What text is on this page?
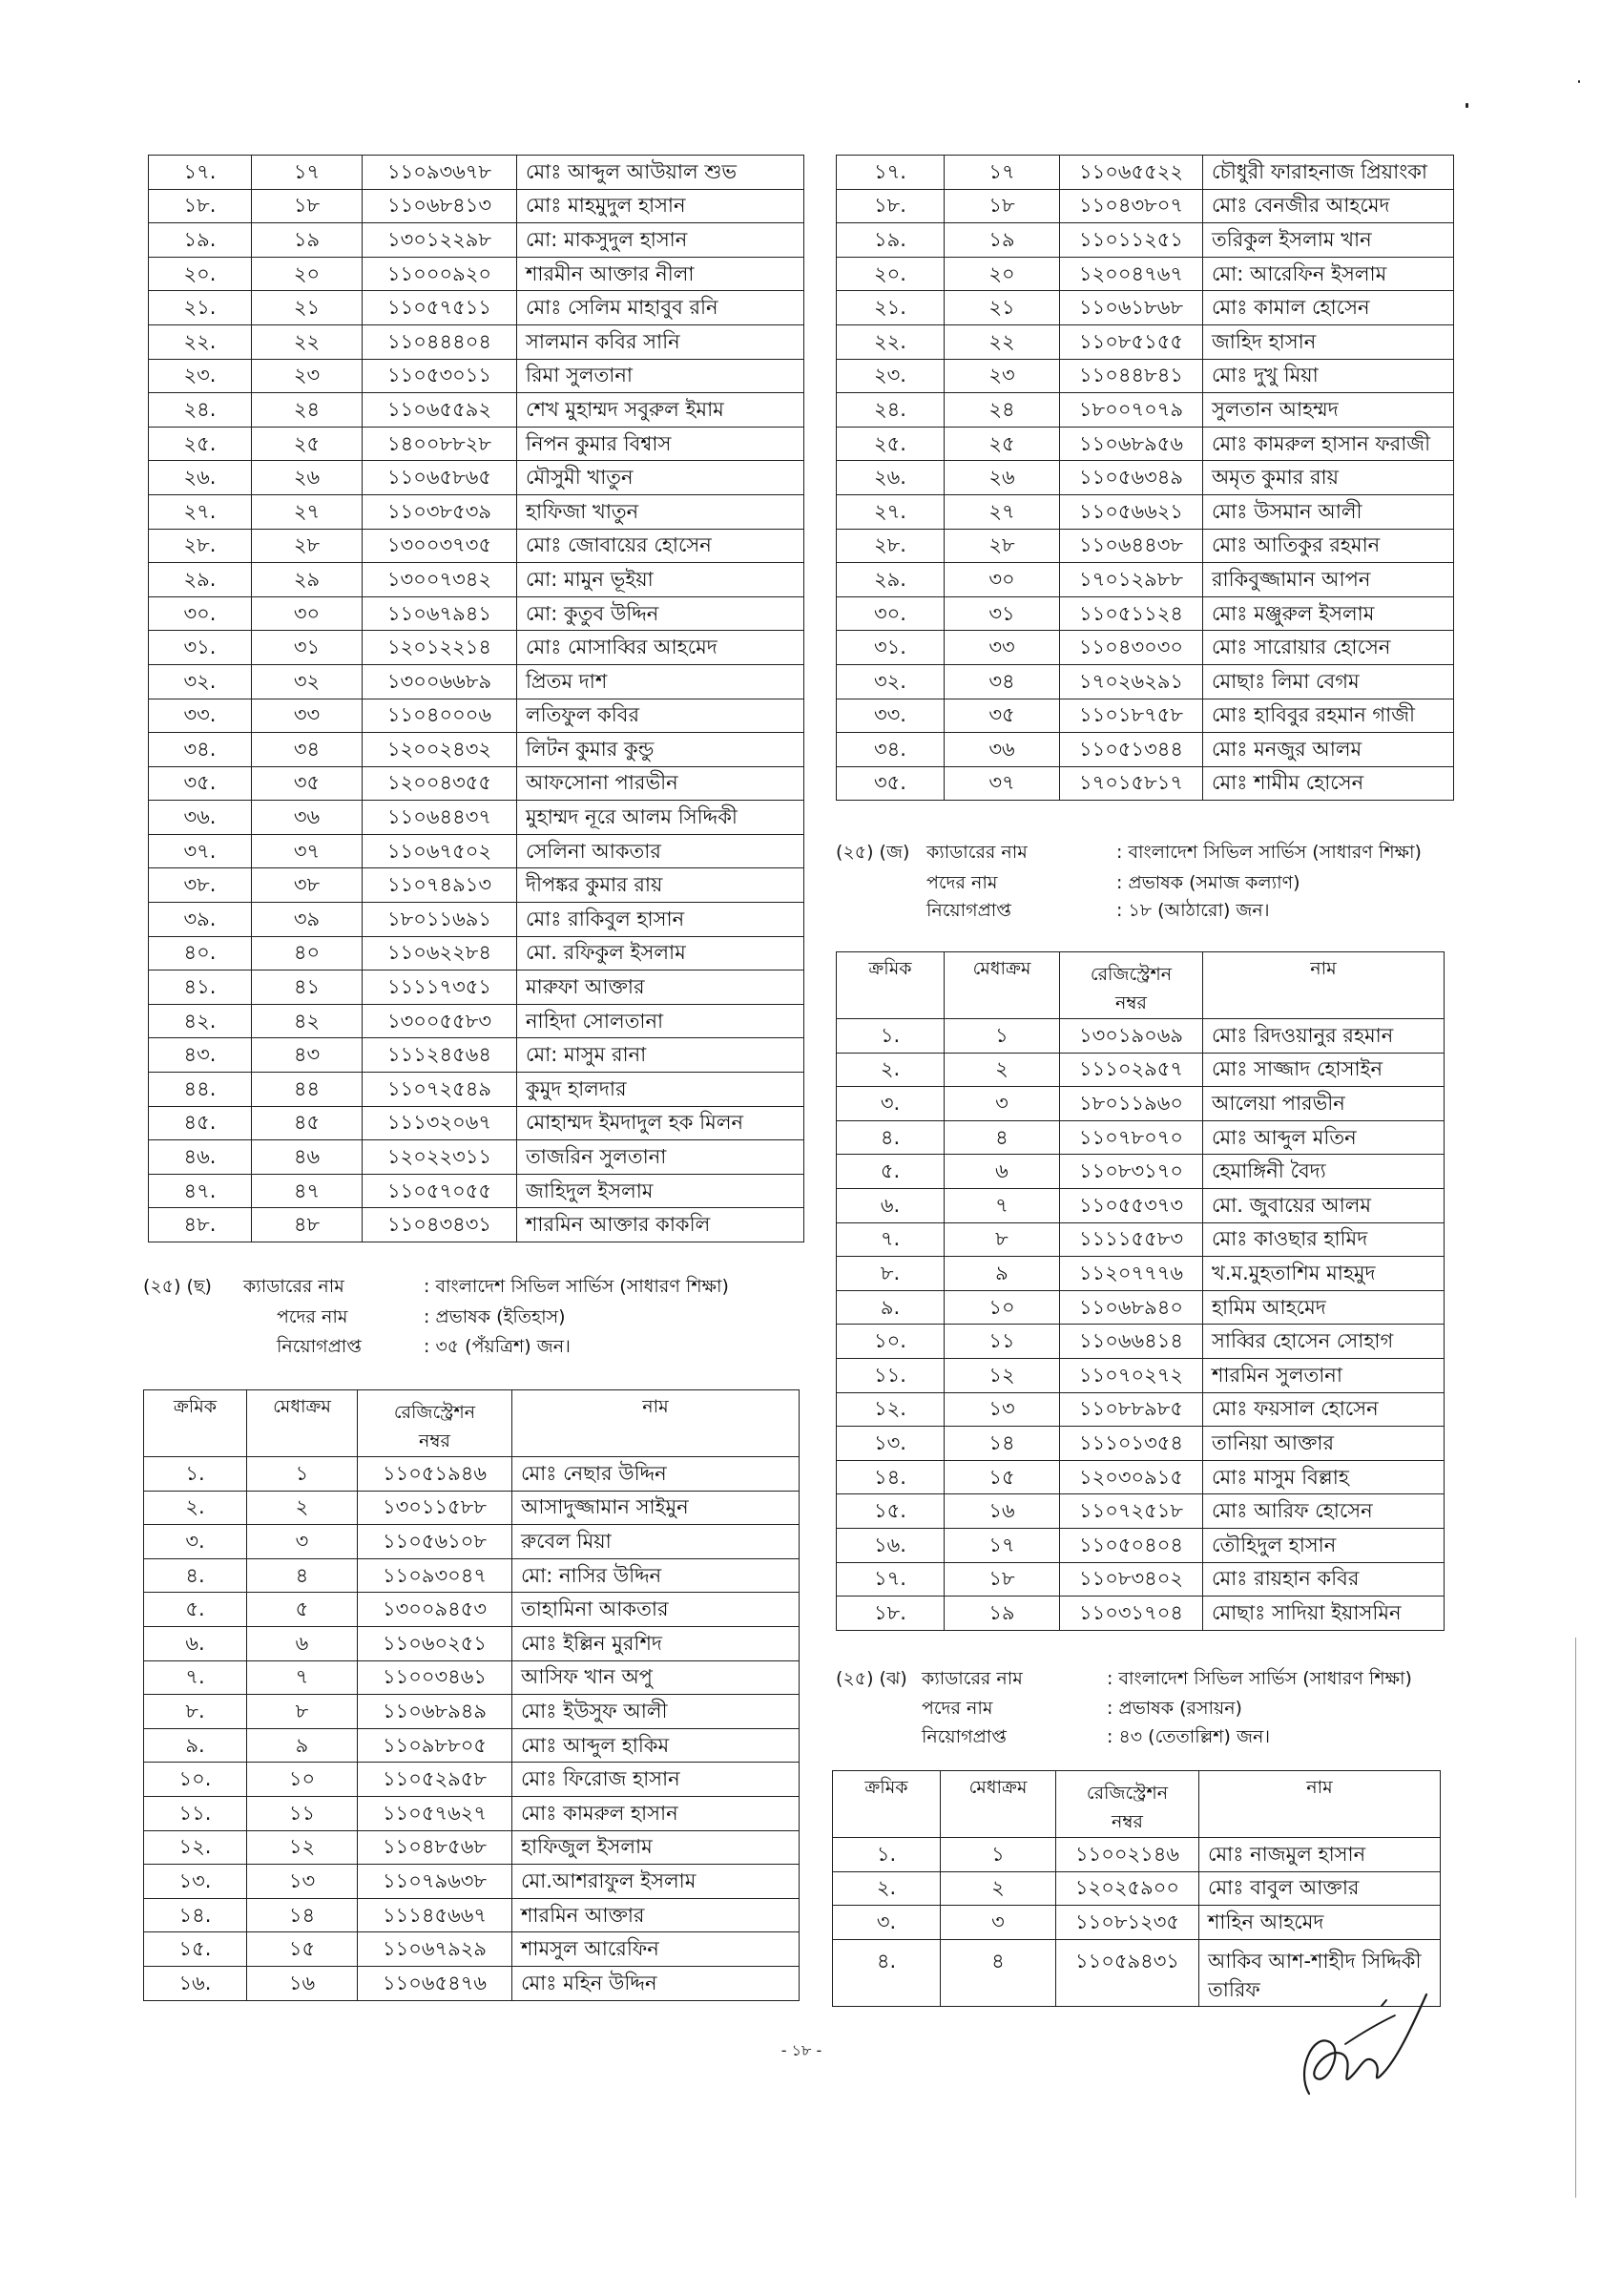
১৭.	১৭	১১০৯৩৬৭৮	মোঃ আব্দুল আউয়াল শুভ
১৮.	১৮	১১০৬৮৪১৩	মোঃ মাহমুদুল হাসান
১৯.	১৯	১৩০১২২৯৮	মো: মাকসুদুল হাসান
২০.	২০	১১০০০৯২০	শারমীন আক্তার নীলা
২১.	২১	১১০৫৭৫১১	মোঃ সেলিম মাহাবুব রনি
২২.	২২	১১০৪৪৪০৪	সালমান কবির সানি
২৩.	২৩	১১০৫৩০১১	রিমা সুলতানা
২৪.	২৪	১১০৬৫৫৯২	শেখ মুহাম্মদ সবুরুল ইমাম
২৫.	২৫	১৪০০৮৮২৮	নিপন কুমার বিশ্বাস
২৬.	২৬	১১০৬৫৮৬৫	মৌসুমী খাতুন
২৭.	২৭	১১০৩৮৫৩৯	হাফিজা খাতুন
২৮.	২৮	১৩০০৩৭৩৫	মোঃ জোবায়ের হোসেন
২৯.	২৯	১৩০০৭৩৪২	মো: মামুন ভূইয়া
৩০.	৩০	১১০৬৭৯৪১	মো: কুতুব উদ্দিন
৩১.	৩১	১২০১২২১৪	মোঃ মোসাব্বির আহমেদ
৩২.	৩২	১৩০০৬৬৮৯	প্রিতম দাশ
৩৩.	৩৩	১১০৪০০০৬	লতিফুল কবির
৩৪.	৩৪	১২০০২৪৩২	লিটন কুমার কুন্ডু
৩৫.	৩৫	১২০০৪৩৫৫	আফসোনা পারভীন
৩৬.	৩৬	১১০৬৪৪৩৭	মুহাম্মদ নূরে আলম সিদ্দিকী
৩৭.	৩৭	১১০৬৭৫০২	সেলিনা আকতার
৩৮.	৩৮	১১০৭৪৯১৩	দীপঙ্কর কুমার রায়
৩৯.	৩৯	১৮০১১৬৯১	মোঃ রাকিবুল হাসান
৪০.	৪০	১১০৬২২৮৪	মো. রফিকুল ইসলাম
৪১.	৪১	১১১১৭৩৫১	মারুফা আক্তার
৪২.	৪২	১৩০০৫৫৮৩	নাহিদা সোলতানা
৪৩.	৪৩	১১১২৪৫৬৪	মো: মাসুম রানা
৪৪.	৪৪	১১০৭২৫৪৯	কুমুদ হালদার
৪৫.	৪৫	১১১৩২০৬৭	মোহাম্মদ ইমদাদুল হক মিলন
৪৬.	৪৬	১২০২২৩১১	তাজরিন সুলতানা
৪৭.	৪৭	১১০৫৭০৫৫	জাহিদুল ইসলাম
৪৮.	৪৮	১১০৪৩৪৩১	শারমিন আক্তার কাকলি
(২৫) (ছ) ক্যাডারের নাম	: বাংলাদেশ সিভিল সার্ভিস (সাধারণ শিক্ষা)
পদের নাম	: প্রভাষক (ইতিহাস)
নিয়োগপ্রাপ্ত	: ৩৫ (পঁয়ত্রিশ) জন।
ক্রমিক	মেধাক্রম	রেজিস্ট্রেশন
নম্বর	নাম
১.	১	১১০৫১৯৪৬	মোঃ নেছার উদ্দিন
২.	২	১৩০১১৫৮৮	আসাদুজ্জামান সাইমুন
৩.	৩	১১০৫৬১০৮	রুবেল মিয়া
৪.	৪	১১০৯৩০৪৭	মো: নাসির উদ্দিন
৫.	৫	১৩০০৯৪৫৩	তাহামিনা আকতার
৬.	৬	১১০৬০২৫১	মোঃ ইল্লিন মুরশিদ
৭.	৭	১১০০৩৪৬১	আসিফ খান অপু
৮.	৮	১১০৬৮৯৪৯	মোঃ ইউসুফ আলী
৯.	৯	১১০৯৮৮০৫	মোঃ আব্দুল হাকিম
১০.	১০	১১০৫২৯৫৮	মোঃ ফিরোজ হাসান
১১.	১১	১১০৫৭৬২৭	মোঃ কামরুল হাসান
১২.	১২	১১০৪৮৫৬৮	হাফিজুল ইসলাম
১৩.	১৩	১১০৭৯৬৩৮	মো.আশরাফুল ইসলাম
১৪.	১৪	১১১৪৫৬৬৭	শারমিন আক্তার
১৫.	১৫	১১০৬৭৯২৯	শামসুল আরেফিন
১৬.	১৬	১১০৬৫৪৭৬	মোঃ মহিন উদ্দিন
১৭.	১৭	১১০৬৫৫২২	চৌধুরী ফারাহনাজ প্রিয়াংকা
১৮.	১৮	১১০৪৩৮০৭	মোঃ বেনজীর আহমেদ
১৯.	১৯	১১০১১২৫১	তরিকুল ইসলাম খান
২০.	২০	১২০০৪৭৬৭	মো: আরেফিন ইসলাম
২১.	২১	১১০৬১৮৬৮	মোঃ কামাল হোসেন
২২.	২২	১১০৮৫১৫৫	জাহিদ হাসান
২৩.	২৩	১১০৪৪৮৪১	মোঃ দুখু মিয়া
২৪.	২৪	১৮০০৭০৭৯	সুলতান আহম্মদ
২৫.	২৫	১১০৬৮৯৫৬	মোঃ কামরুল হাসান ফরাজী
২৬.	২৬	১১০৫৬৩৪৯	অমৃত কুমার রায়
২৭.	২৭	১১০৫৬৬২১	মোঃ উসমান আলী
২৮.	২৮	১১০৬৪৪৩৮	মোঃ আতিকুর রহমান
২৯.	৩০	১৭০১২৯৮৮	রাকিবুজ্জামান আপন
৩০.	৩১	১১০৫১১২৪	মোঃ মঞ্জুরুল ইসলাম
৩১.	৩৩	১১০৪৩০৩০	মোঃ সারোয়ার হোসেন
৩২.	৩৪	১৭০২৬২৯১	মোছাঃ লিমা বেগম
৩৩.	৩৫	১১০১৮৭৫৮	মোঃ হাবিবুর রহমান গাজী
৩৪.	৩৬	১১০৫১৩৪৪	মোঃ মনজুর আলম
৩৫.	৩৭	১৭০১৫৮১৭	মোঃ শামীম হোসেন
(২৫) (জ) ক্যাডারের নাম	: বাংলাদেশ সিভিল সার্ভিস (সাধারণ শিক্ষা)
পদের নাম	: প্রভাষক (সমাজ কল্যাণ)
নিয়োগপ্রাপ্ত	: ১৮ (আঠারো) জন।
ক্রমিক	মেধাক্রম	রেজিস্ট্রেশন
নম্বর	নাম
১.	১	১৩০১৯০৬৯	মোঃ রিদওয়ানুর রহমান
২.	২	১১১০২৯৫৭	মোঃ সাজ্জাদ হোসাইন
৩.	৩	১৮০১১৯৬০	আলেয়া পারভীন
৪.	৪	১১০৭৮০৭০	মোঃ আব্দুল মতিন
৫.	৬	১১০৮৩১৭০	হেমাঙ্গিনী বৈদ্য
৬.	৭	১১০৫৫৩৭৩	মো. জুবায়ের আলম
৭.	৮	১১১১৫৫৮৩	মোঃ কাওছার হামিদ
৮.	৯	১১২০৭৭৭৬	খ.ম.মুহতাশিম মাহমুদ
৯.	১০	১১০৬৮৯৪০	হামিম আহমেদ
১০.	১১	১১০৬৬৪১৪	সাব্বির হোসেন সোহাগ
১১.	১২	১১০৭০২৭২	শারমিন সুলতানা
১২.	১৩	১১০৮৮৯৮৫	মোঃ ফয়সাল হোসেন
১৩.	১৪	১১১০১৩৫৪	তানিয়া আক্তার
১৪.	১৫	১২০৩০৯১৫	মোঃ মাসুম বিল্লাহ
১৫.	১৬	১১০৭২৫১৮	মোঃ আরিফ হোসেন
১৬.	১৭	১১০৫০৪০৪	তৌহিদুল হাসান
১৭.	১৮	১১০৮৩৪০২	মোঃ রায়হান কবির
১৮.	১৯	১১০৩১৭০৪	মোছাঃ সাদিয়া ইয়াসমিন
(২৫) (ঝ) ক্যাডারের নাম	: বাংলাদেশ সিভিল সার্ভিস (সাধারণ শিক্ষা)
পদের নাম	: প্রভাষক (রসায়ন)
নিয়োগপ্রাপ্ত	: ৪৩ (তেতাল্লিশ) জন।
ক্রমিক	মেধাক্রম	রেজিস্ট্রেশন
নম্বর	নাম
১.	১	১১০০২১৪৬	মোঃ নাজমুল হাসান
২.	২	১২০২৫৯০০	মোঃ বাবুল আক্তার
৩.	৩	১১০৮১২৩৫	শাহিন আহমেদ
৪.	৪	১১০৫৯৪৩১	আকিব আশ-শাহীদ সিদ্দিকী তারিফ
- ১৮ -
